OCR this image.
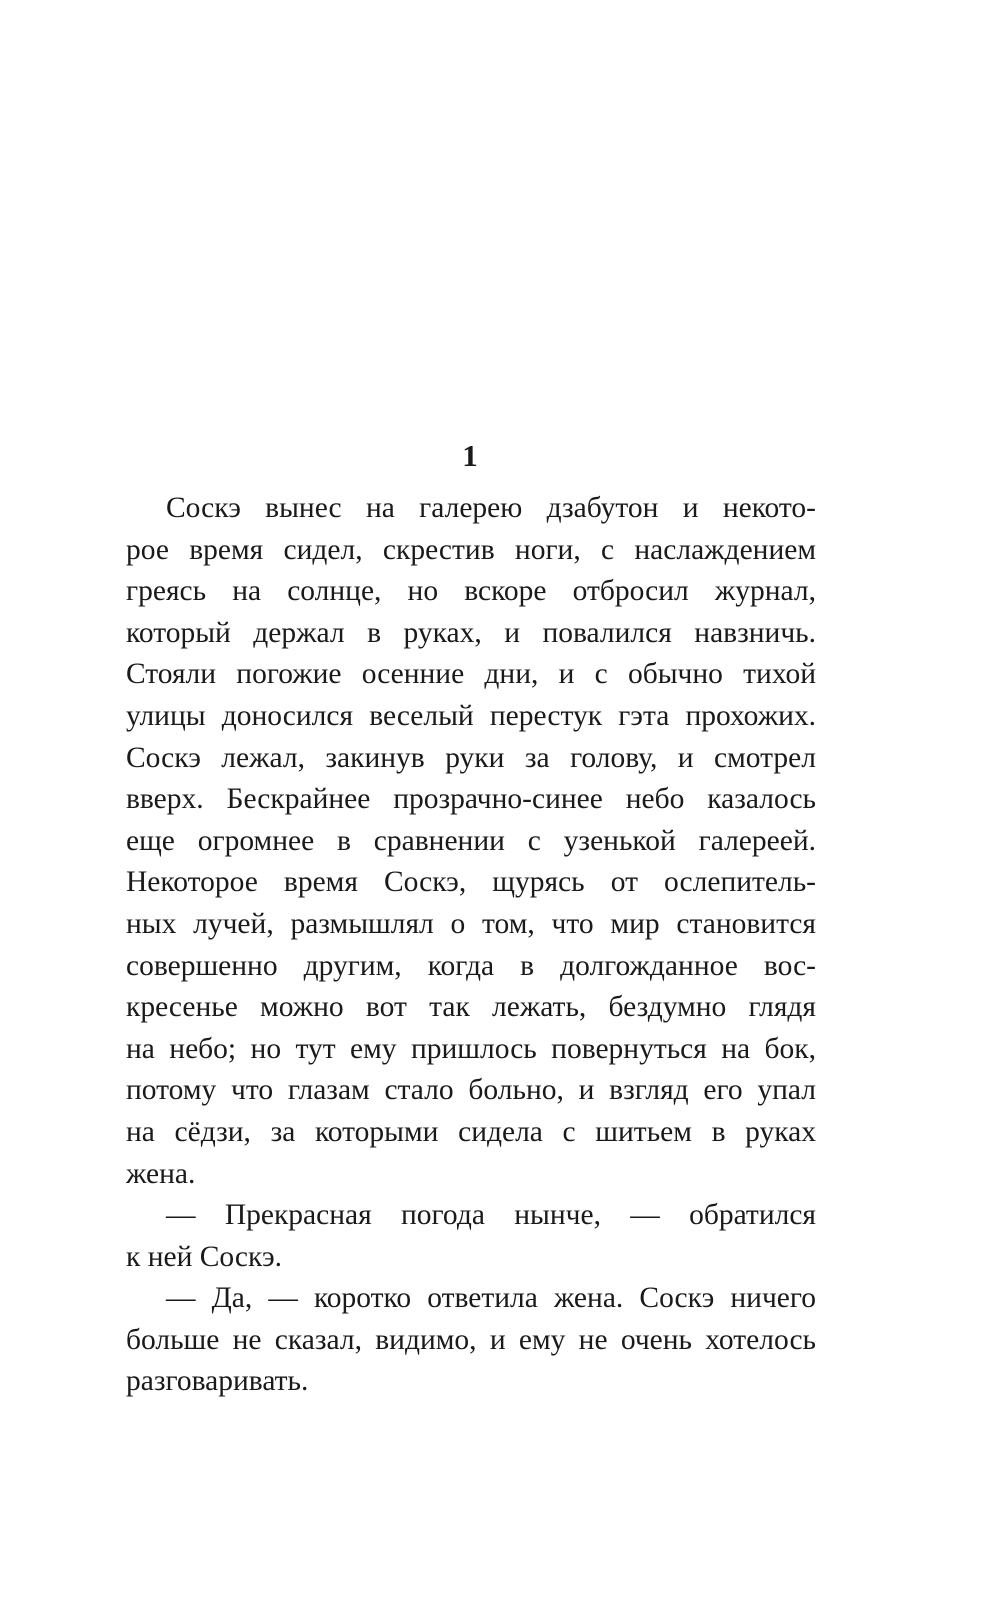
1
Соскэ вынес на галерею дзабутон и некото-
рое время сидел, скрестив ноги, с наслаждением
греясь на солнце, но вскоре отбросил журнал,
который держал в руках, и повалился навзничь.
Стояли погожие осенние дни, и с обычно тихой
улицы доносился веселый перестук гэта прохожих.
Соскэ лежал, закинув руки за голову, и смотрел
вверх. Бескрайнее прозрачно-синее небо казалось
еще огромнее в сравнении с узенькой галереей.
Некоторое время Соскэ, щурясь от ослепитель-
ных лучей, размышлял о том, что мир становится
совершенно другим, когда в долгожданное вос-
кресенье можно вот так лежать, бездумно глядя
на небо; но тут ему пришлось повернуться на бок,
потому что глазам стало больно, и взгляд его упал
на сёдзи, за которыми сидела с шитьем в руках
жена.
— Прекрасная погода нынче, — обратился
к ней Соскэ.
— Да, — коротко ответила жена. Соскэ ничего
больше не сказал, видимо, и ему не очень хотелось
разговаривать.
